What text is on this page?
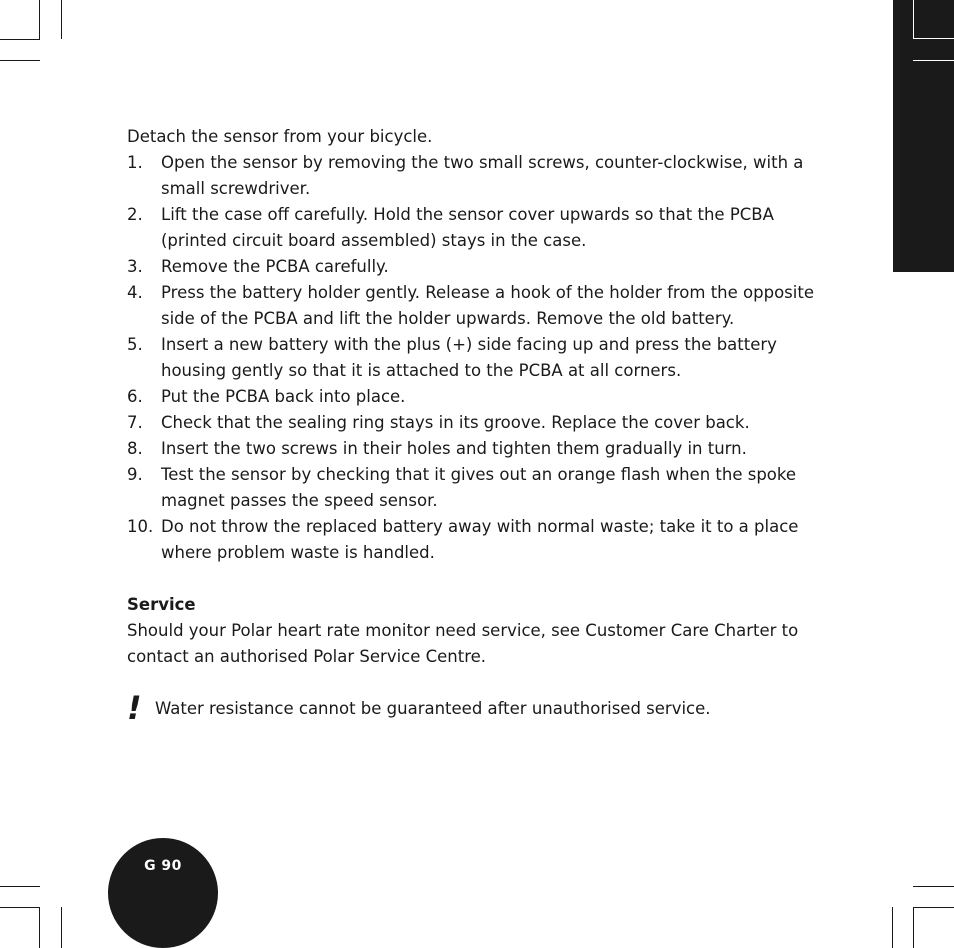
Detach the sensor from your bicycle.

1. Open the sensor by removing the two small screws, counter-clockwise, with a small screwdriver.
2. Lift the case off carefully. Hold the sensor cover upwards so that the PCBA (printed circuit board assembled) stays in the case.
3. Remove the PCBA carefully.
4. Press the battery holder gently. Release a hook of the holder from the opposite side of the PCBA and lift the holder upwards. Remove the old battery.
5. Insert a new battery with the plus (+) side facing up and press the battery housing gently so that it is attached to the PCBA at all corners.
6. Put the PCBA back into place.
7. Check that the sealing ring stays in its groove. Replace the cover back.
8. Insert the two screws in their holes and tighten them gradually in turn.
9. Test the sensor by checking that it gives out an orange flash when the spoke magnet passes the speed sensor.
10. Do not throw the replaced battery away with normal waste; take it to a place where problem waste is handled.

Service

Should your Polar heart rate monitor need service, see Customer Care Charter to contact an authorised Polar Service Centre.

! Water resistance cannot be guaranteed after unauthorised service.
G 90
